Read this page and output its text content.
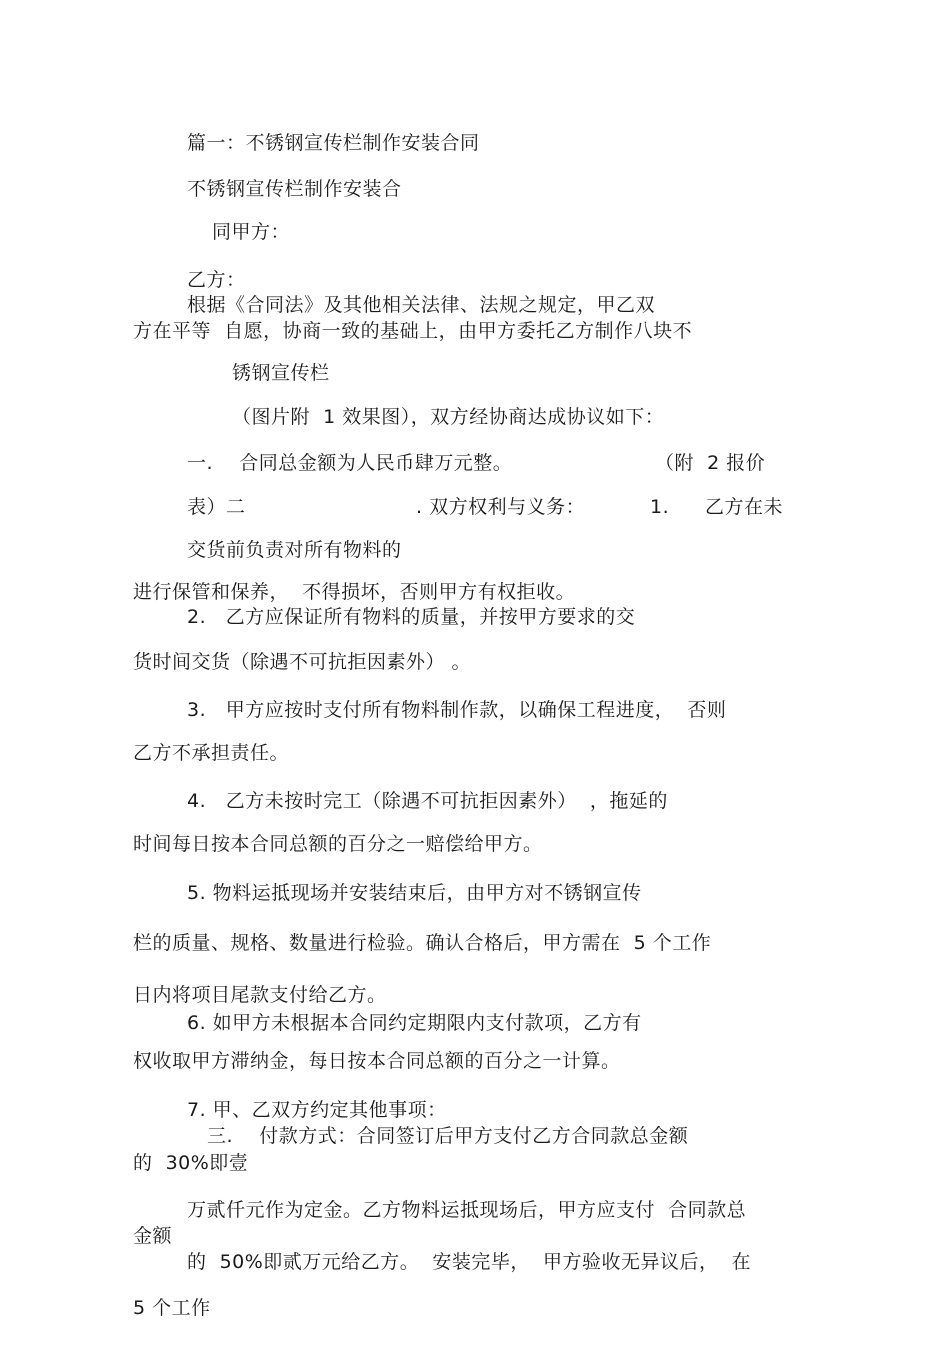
篇一：不锈钢宣传栏制作安装合同
不锈钢宣传栏制作安装合
同甲方：
乙方：
根据《合同法》及其他相关法律、法规之规定，甲乙双
方在平等  自愿，协商一致的基础上，由甲方委托乙方制作八块不
锈钢宣传栏
（图片附  1 效果图），双方经协商达成协议如下：
一.    合同总金额为人民币肆万元整。	（附  2 报价
表）二	. 双方权利与义务：	1. 乙方在未
交货前负责对所有物料的
进行保管和保养，  不得损坏，否则甲方有权拒收。
2.   乙方应保证所有物料的质量，并按甲方要求的交
货时间交货（除遇不可抗拒因素外） 。
3.   甲方应按时支付所有物料制作款，以确保工程进度，  否则
乙方不承担责任。
4.   乙方未按时完工（除遇不可抗拒因素外）  ，拖延的
时间每日按本合同总额的百分之一赔偿给甲方。
5. 物料运抵现场并安装结束后，由甲方对不锈钢宣传
栏的质量、规格、数量进行检验。确认合格后，甲方需在  5 个工作
日内将项目尾款支付给乙方。
6. 如甲方未根据本合同约定期限内支付款项，乙方有
权收取甲方滞纳金，每日按本合同总额的百分之一计算。
7. 甲、乙双方约定其他事项：
三.    付款方式：合同签订后甲方支付乙方合同款总金额
的  30%即壹
万贰仟元作为定金。乙方物料运抵现场后，甲方应支付  合同款总
金额
的  50%即贰万元给乙方。  安装完毕，  甲方验收无异议后，  在
5 个工作
